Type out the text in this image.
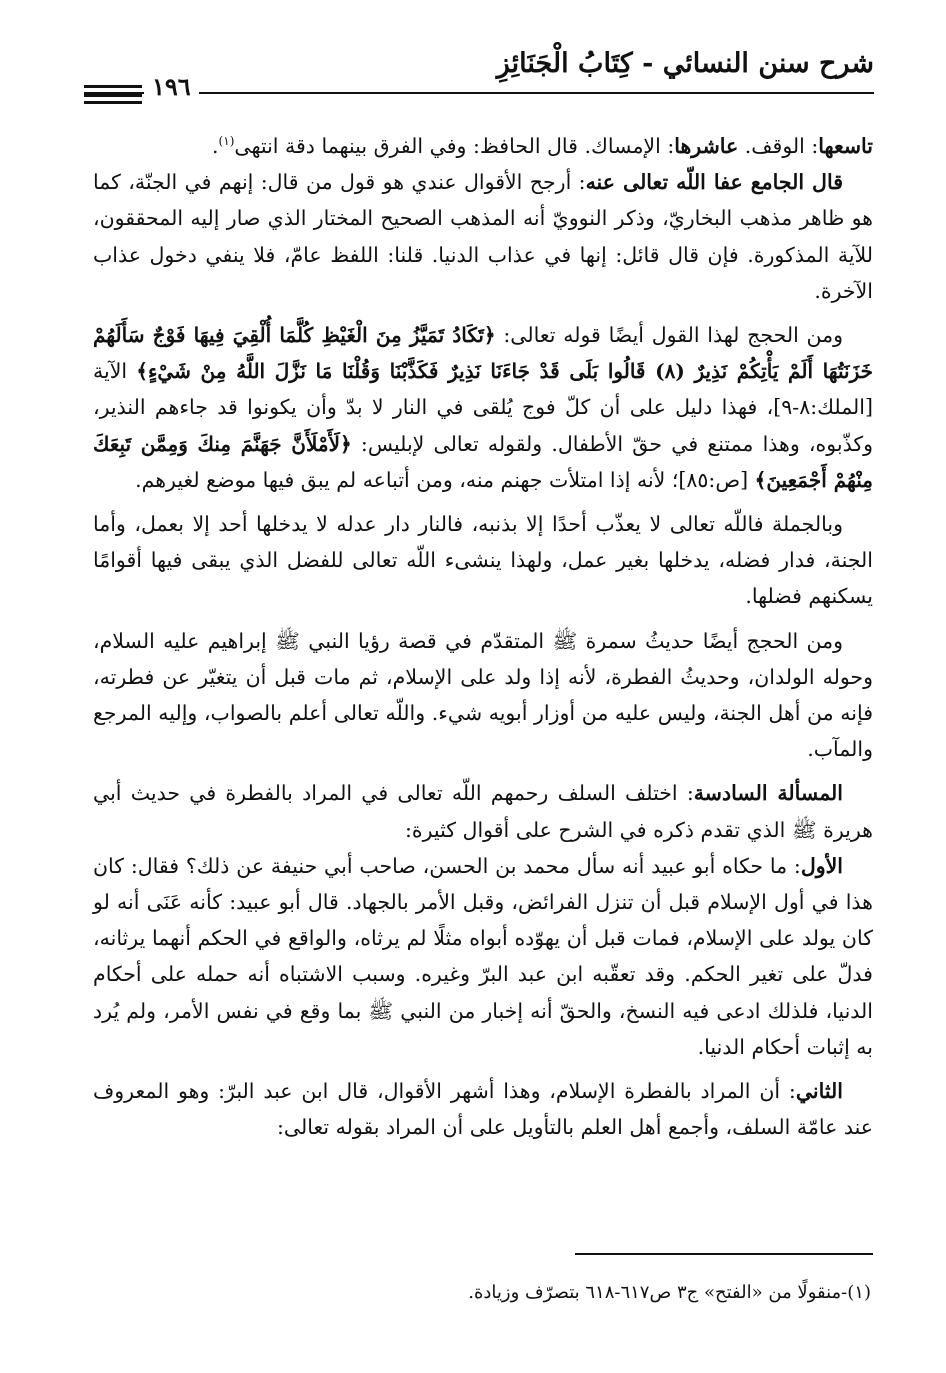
شرح سنن النسائي - كِتَابُ الْجَنَائِزِ
١٩٦

تاسعها: الوقف. عاشرها: الإمساك. قال الحافظ: وفي الفرق بينهما دقة انتهى$^{(١)}$.

قال الجامع عفا اللّه تعالى عنه: أرجح الأقوال عندي هو قول من قال: إنهم في الجنّة، كما هو ظاهر مذهب البخاريّ، وذكر النوويّ أنه المذهب الصحيح المختار الذي صار إليه المحققون، للآية المذكورة. فإن قال قائل: إنها في عذاب الدنيا. قلنا: اللفظ عامّ، فلا ينفي دخول عذاب الآخرة.

ومن الحجج لهذا القول أيضًا قوله تعالى: ﴿تَكَادُ تَمَيَّزُ مِنَ الْغَيْظِ كُلَّمَا أُلْقِيَ فِيهَا فَوْجٌ سَأَلَهُمْ خَزَنَتُهَا أَلَمْ يَأْتِكُمْ نَذِيرٌ (٨) قَالُوا بَلَى قَدْ جَاءَنَا نَذِيرٌ فَكَذَّبْنَا وَقُلْنَا مَا نَزَّلَ اللَّهُ مِنْ شَيْءٍ﴾ الآية [الملك:٨-٩]، فهذا دليل على أن كلّ فوج يُلقى في النار لا بدّ وأن يكونوا قد جاءهم النذير، وكذّبوه، وهذا ممتنع في حقّ الأطفال. ولقوله تعالى لإبليس: ﴿لَأَمْلَأَنَّ جَهَنَّمَ مِنكَ وَمِمَّن تَبِعَكَ مِنْهُمْ أَجْمَعِينَ﴾ [ص:٨٥]؛ لأنه إذا امتلأت جهنم منه، ومن أتباعه لم يبق فيها موضع لغيرهم.

وبالجملة فاللّه تعالى لا يعذّب أحدًا إلا بذنبه، فالنار دار عدله لا يدخلها أحد إلا بعمل، وأما الجنة، فدار فضله، يدخلها بغير عمل، ولهذا ينشىء اللّه تعالى للفضل الذي يبقى فيها أقوامًا يسكنهم فضلها.

ومن الحجج أيضًا حديثُ سمرة ﷺ المتقدّم في قصة رؤيا النبي ﷺ إبراهيم عليه السلام، وحوله الولدان، وحديثُ الفطرة، لأنه إذا ولد على الإسلام، ثم مات قبل أن يتغيّر عن فطرته، فإنه من أهل الجنة، وليس عليه من أوزار أبويه شيء. واللّه تعالى أعلم بالصواب، وإليه المرجع والمآب.

المسألة السادسة: اختلف السلف رحمهم اللّه تعالى في المراد بالفطرة في حديث أبي هريرة ﷺ الذي تقدم ذكره في الشرح على أقوال كثيرة:

الأول: ما حكاه أبو عبيد أنه سأل محمد بن الحسن، صاحب أبي حنيفة عن ذلك؟ فقال: كان هذا في أول الإسلام قبل أن تنزل الفرائض، وقبل الأمر بالجهاد. قال أبو عبيد: كأنه عَنَى أنه لو كان يولد على الإسلام، فمات قبل أن يهوّده أبواه مثلًا لم يرثاه، والواقع في الحكم أنهما يرثانه، فدلّ على تغير الحكم. وقد تعقّبه ابن عبد البرّ وغيره. وسبب الاشتباه أنه حمله على أحكام الدنيا، فلذلك ادعى فيه النسخ، والحقّ أنه إخبار من النبي ﷺ بما وقع في نفس الأمر، ولم يُرد به إثبات أحكام الدنيا.

الثاني: أن المراد بالفطرة الإسلام، وهذا أشهر الأقوال، قال ابن عبد البرّ: وهو المعروف عند عامّة السلف، وأجمع أهل العلم بالتأويل على أن المراد بقوله تعالى:

(١)-منقولًا من «الفتح» ج٣ ص٦١٧-٦١٨ بتصرّف وزيادة.
